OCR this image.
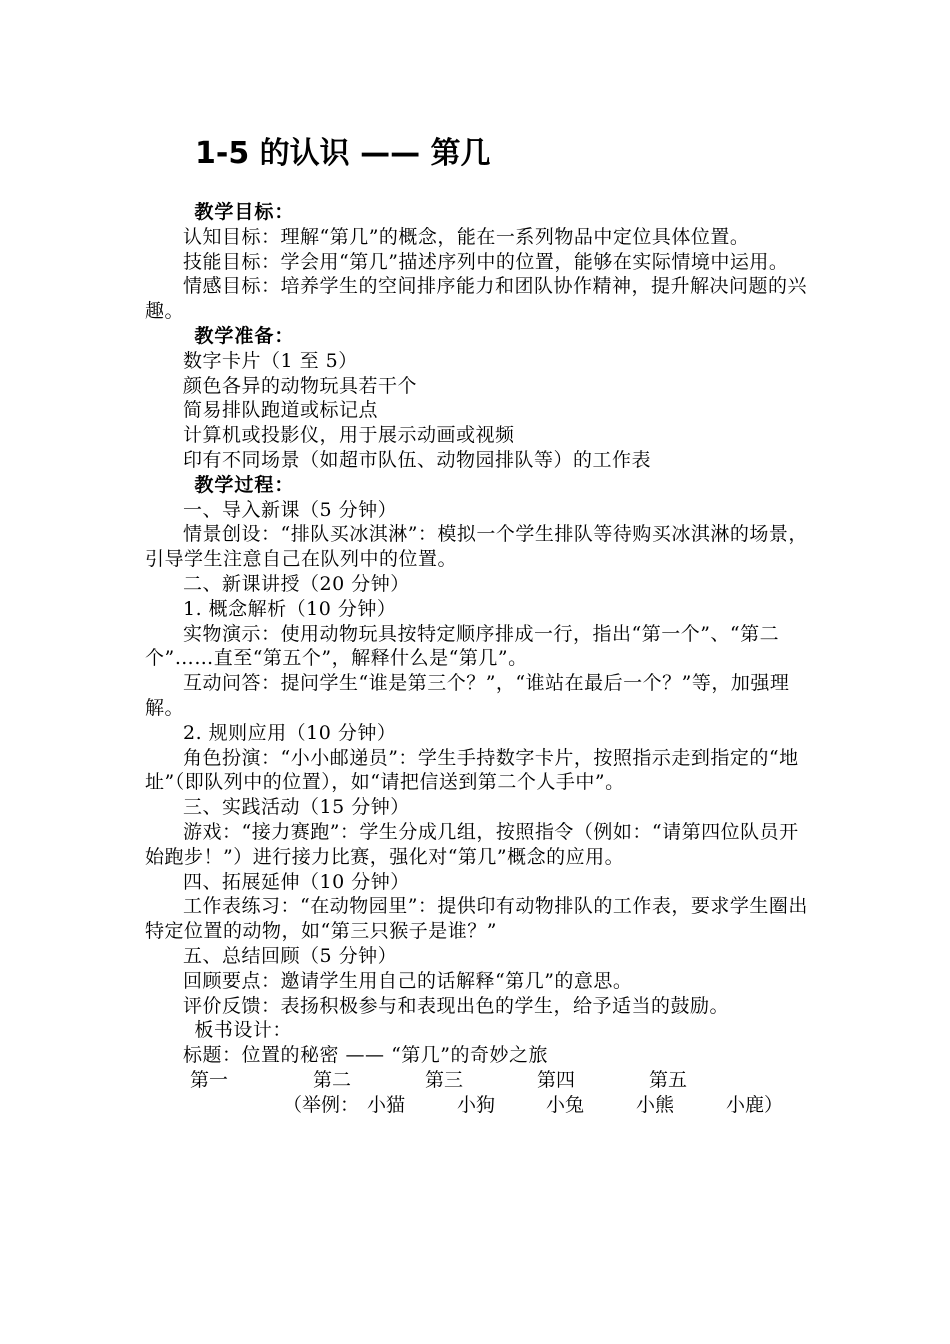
1-5 的认识 —— 第几

教学目标：

认知目标：理解“第几”的概念，能在一系列物品中定位具体位置。

技能目标：学会用“第几”描述序列中的位置，能够在实际情境中运用。

情感目标：培养学生的空间排序能力和团队协作精神，提升解决问题的兴趣。

教学准备：

数字卡片（1 至 5）

颜色各异的动物玩具若干个

简易排队跑道或标记点

计算机或投影仪，用于展示动画或视频

印有不同场景（如超市队伍、动物园排队等）的工作表

教学过程：

一、导入新课（5 分钟）

情景创设：“排队买冰淇淋”：模拟一个学生排队等待购买冰淇淋的场景，引导学生注意自己在队列中的位置。

二、新课讲授（20 分钟）

1. 概念解析（10 分钟）

实物演示：使用动物玩具按特定顺序排成一行，指出“第一个”、“第二个”……直至“第五个”，解释什么是“第几”。

互动问答：提问学生“谁是第三个？”，“谁站在最后一个？”等，加强理解。

2. 规则应用（10 分钟）

角色扮演：“小小邮递员”：学生手持数字卡片，按照指示走到指定的“地址”（即队列中的位置），如“请把信送到第二个人手中”。

三、实践活动（15 分钟）

游戏：“接力赛跑”：学生分成几组，按照指令（例如：“请第四位队员开始跑步！”）进行接力比赛，强化对“第几”概念的应用。

四、拓展延伸（10 分钟）

工作表练习：“在动物园里”：提供印有动物排队的工作表，要求学生圈出特定位置的动物，如“第三只猴子是谁？”

五、总结回顾（5 分钟）

回顾要点：邀请学生用自己的话解释“第几”的意思。

评价反馈：表扬积极参与和表现出色的学生，给予适当的鼓励。

板书设计：

标题：位置的秘密 —— “第几”的奇妙之旅

第一	第二	第三	第四	第五
（举例： 小猫	小狗	小兔	小熊	小鹿 ）
